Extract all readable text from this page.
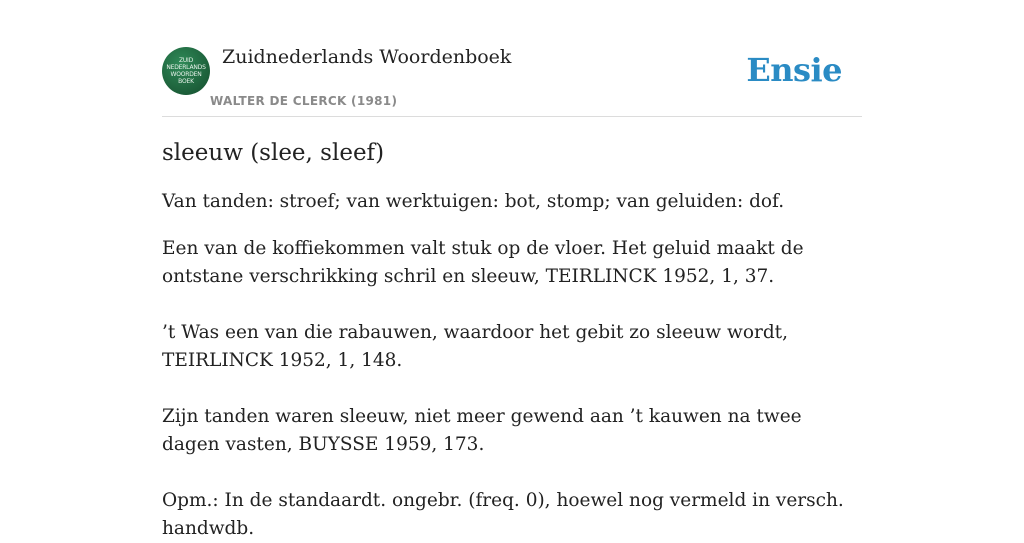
ZUID
NEDERLANDS
WOORDEN
BOEK
Zuidnederlands Woordenboek
WALTER DE CLERCK (1981)
Ensie
sleeuw (slee, sleef)

Van tanden: stroef; van werktuigen: bot, stomp; van geluiden: dof.

Een van de koffiekommen valt stuk op de vloer. Het geluid maakt de ontstane verschrikking schril en sleeuw, TEIRLINCK 1952, 1, 37.

’t Was een van die rabauwen, waardoor het gebit zo sleeuw wordt, TEIRLINCK 1952, 1, 148.

Zijn tanden waren sleeuw, niet meer gewend aan ’t kauwen na twee dagen vasten, BUYSSE 1959, 173.

Opm.: In de standaardt. ongebr. (freq. 0), hoewel nog vermeld in versch. handwdb.
